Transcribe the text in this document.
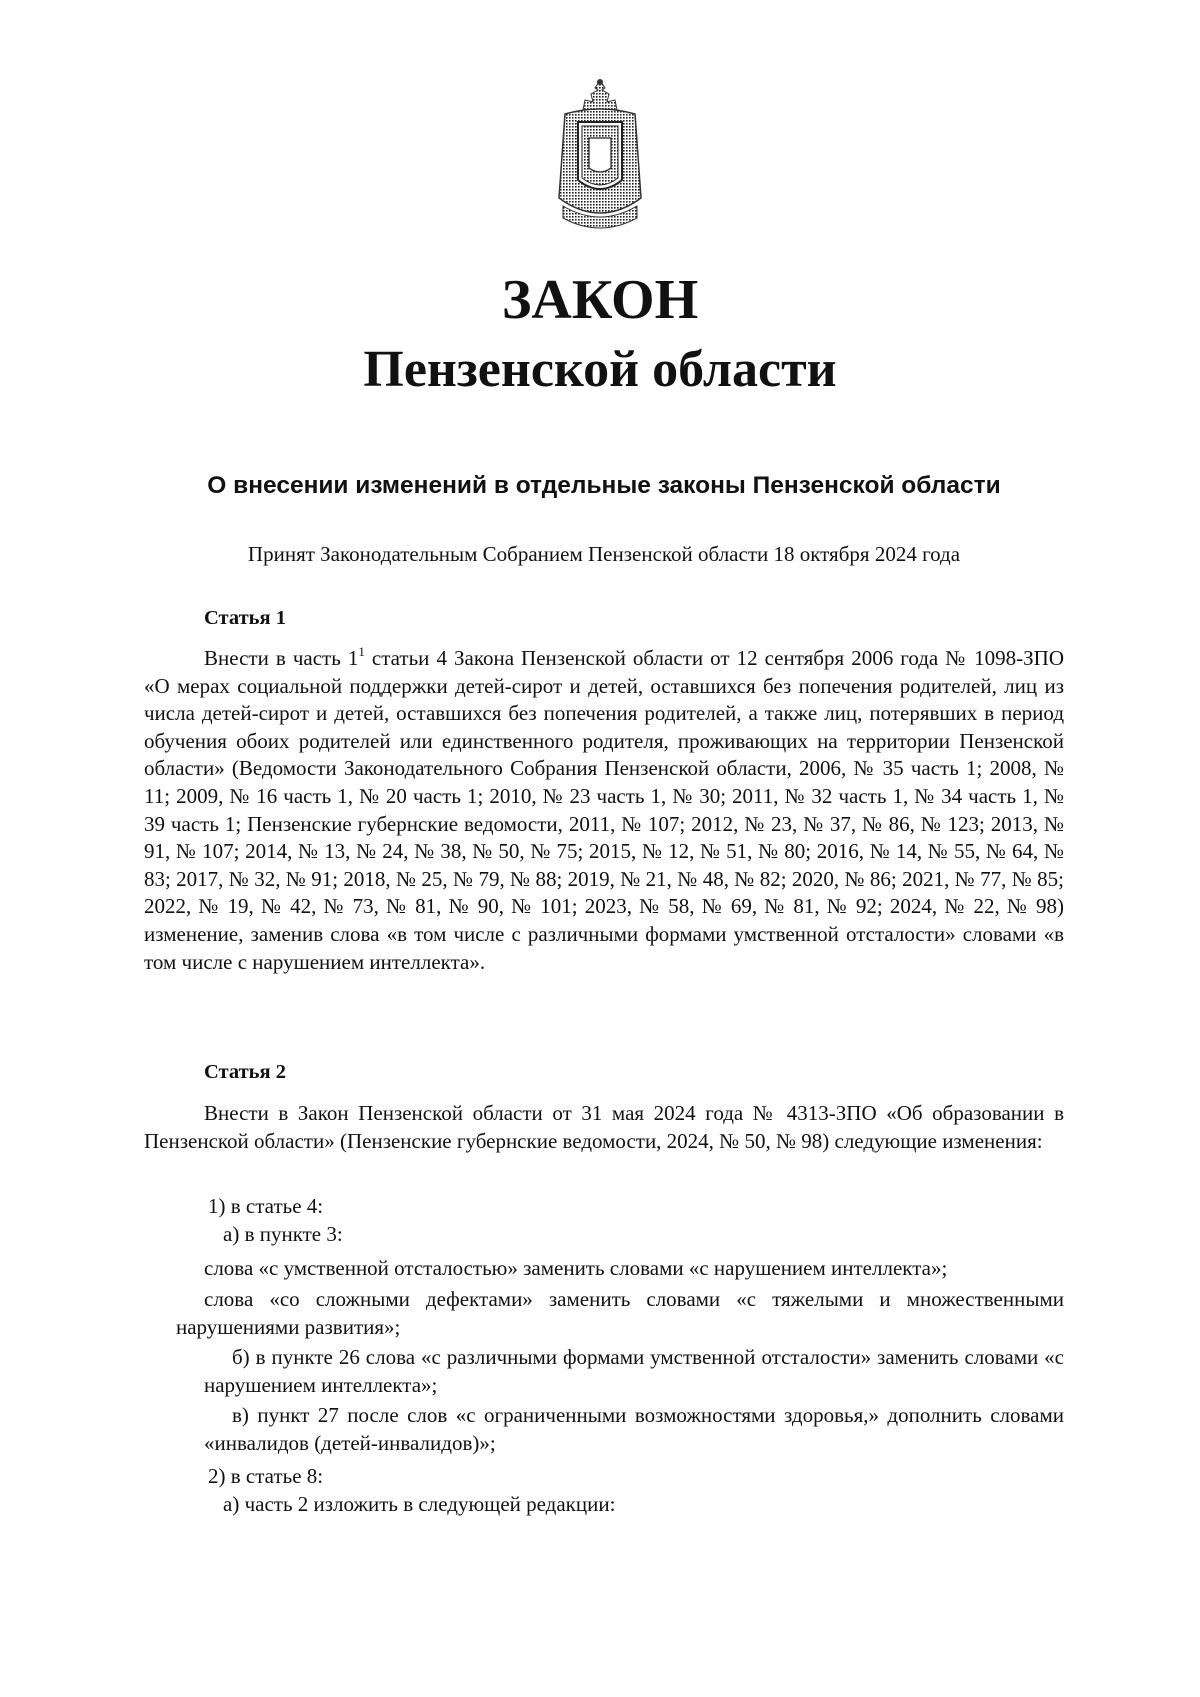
ЗАКОН
Пензенской области
О внесении изменений в отдельные законы Пензенской области
Принят Законодательным Собранием Пензенской области 18 октября 2024 года
Статья 1

Внести в часть $1^1$ статьи 4 Закона Пензенской области от 12 сентября 2006 года № 1098-ЗПО «О мерах социальной поддержки детей-сирот и детей, оставшихся без попечения родителей, лиц из числа детей-сирот и детей, оставшихся без попечения родителей, а также лиц, потерявших в период обучения обоих родителей или единственного родителя, проживающих на территории Пензенской области» (Ведомости Законодательного Собрания Пензенской области, 2006, № 35 часть 1; 2008, № 11; 2009, № 16 часть 1, № 20 часть 1; 2010, № 23 часть 1, № 30; 2011, № 32 часть 1, № 34 часть 1, № 39 часть 1; Пензенские губернские ведомости, 2011, № 107; 2012, № 23, № 37, № 86, № 123; 2013, № 91, № 107; 2014, № 13, № 24, № 38, № 50, № 75; 2015, № 12, № 51, № 80; 2016, № 14, № 55, № 64, № 83; 2017, № 32, № 91; 2018, № 25, № 79, № 88; 2019, № 21, № 48, № 82; 2020, № 86; 2021, № 77, № 85; 2022, № 19, № 42, № 73, № 81, № 90, № 101; 2023, № 58, № 69, № 81, № 92; 2024, № 22, № 98) изменение, заменив слова «в том числе с различными формами умственной отсталости» словами «в том числе с нарушением интеллекта».

Статья 2

Внести в Закон Пензенской области от 31 мая 2024 года № 4313-ЗПО «Об образовании в Пензенской области» (Пензенские губернские ведомости, 2024, № 50, № 98) следующие изменения:

1) в статье 4:
а) в пункте 3:
слова «с умственной отсталостью» заменить словами «с нарушением интеллекта»;

слова «со сложными дефектами» заменить словами «с тяжелыми и множественными нарушениями развития»;

б) в пункте 26 слова «с различными формами умственной отсталости» заменить словами «с нарушением интеллекта»;

в) пункт 27 после слов «с ограниченными возможностями здоровья,» дополнить словами «инвалидов (детей-инвалидов)»;

2) в статье 8:
а) часть 2 изложить в следующей редакции:
